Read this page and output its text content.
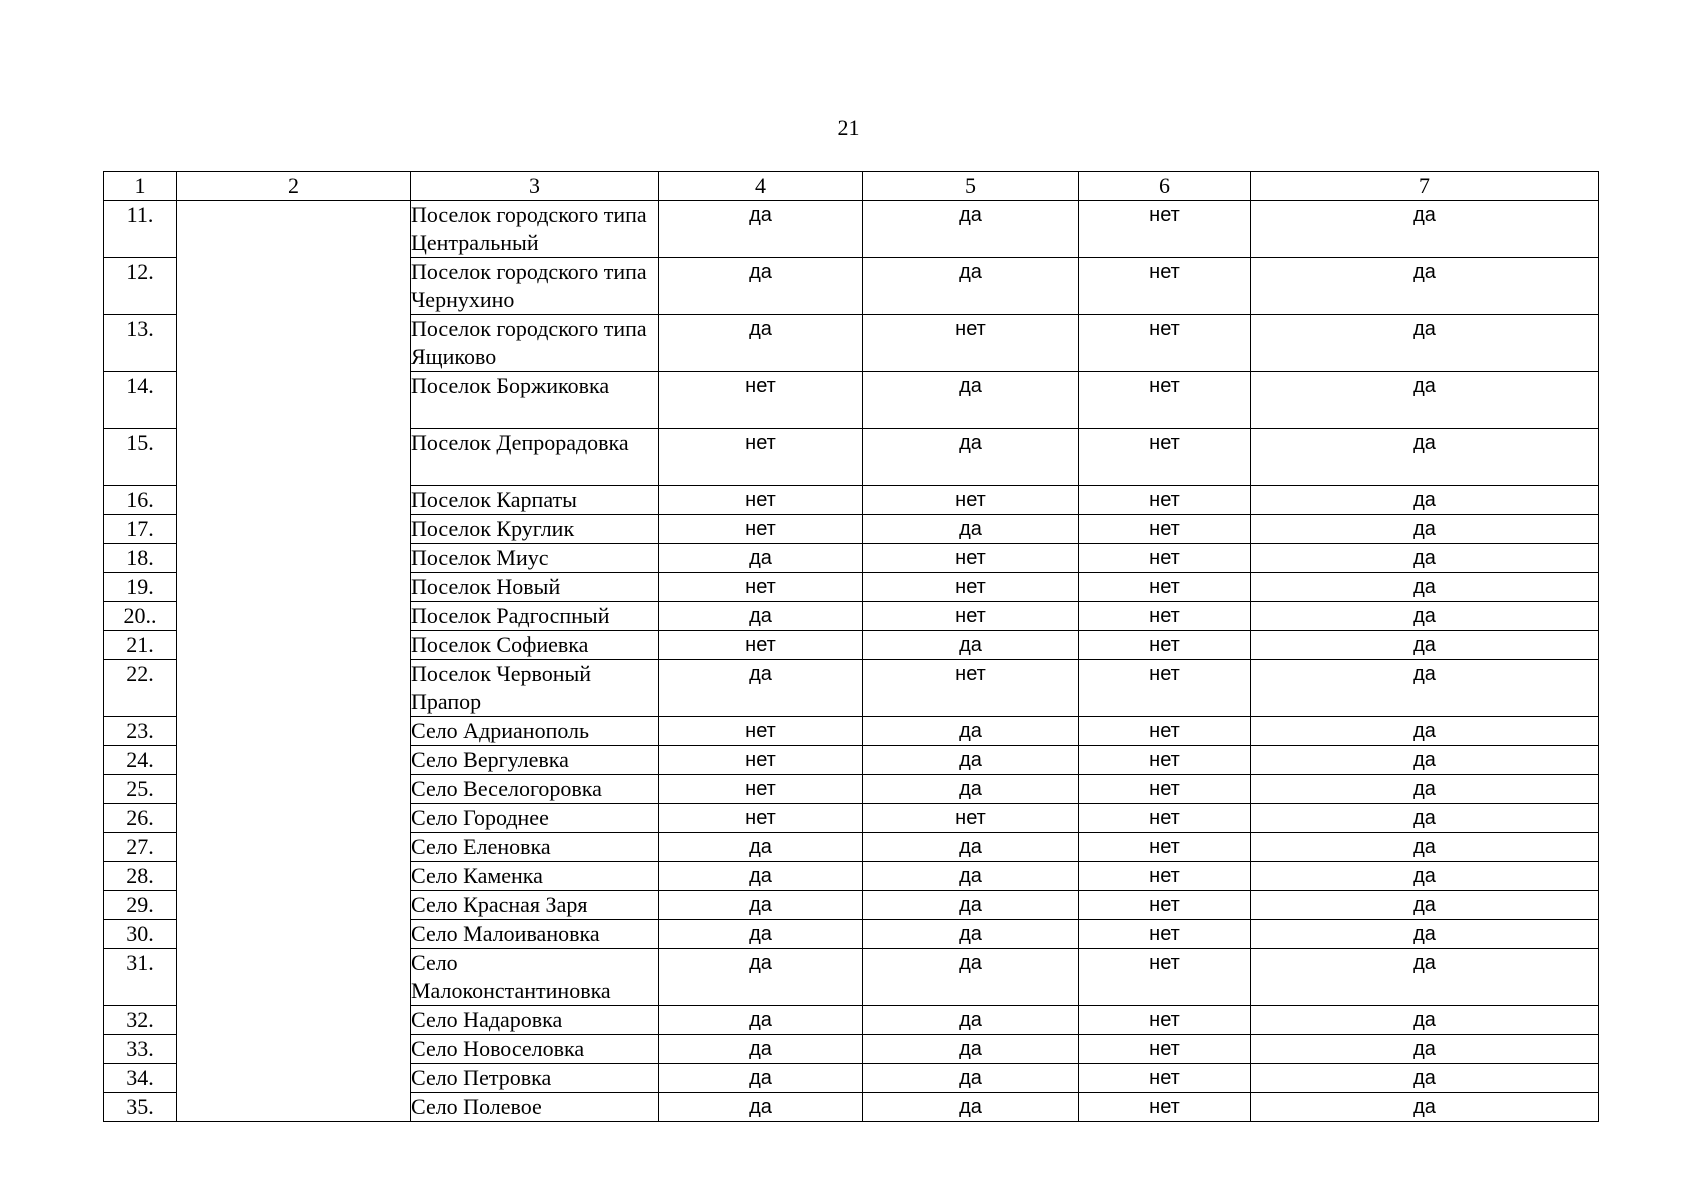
21
1	2	3	4	5	6	7
11.		Поселок городского типа Центральный	да	да	нет	да
12.		Поселок городского типа Чернухино	да	да	нет	да
13.		Поселок городского типа Ящиково	да	нет	нет	да
14.		Поселок Боржиковка	нет	да	нет	да
15.		Поселок Депрорадовка	нет	да	нет	да
16.		Поселок Карпаты	нет	нет	нет	да
17.		Поселок Круглик	нет	да	нет	да
18.		Поселок Миус	да	нет	нет	да
19.		Поселок Новый	нет	нет	нет	да
20..		Поселок Радгоспный	да	нет	нет	да
21.		Поселок Софиевка	нет	да	нет	да
22.		Поселок Червоный Прапор	да	нет	нет	да
23.		Село Адрианополь	нет	да	нет	да
24.		Село Вергулевка	нет	да	нет	да
25.		Село Веселогоровка	нет	да	нет	да
26.		Село Городнее	нет	нет	нет	да
27.		Село Еленовка	да	да	нет	да
28.		Село Каменка	да	да	нет	да
29.		Село Красная Заря	да	да	нет	да
30.		Село Малоивановка	да	да	нет	да
31.		Село Малоконстантиновка	да	да	нет	да
32.		Село Надаровка	да	да	нет	да
33.		Село Новоселовка	да	да	нет	да
34.		Село Петровка	да	да	нет	да
35.		Село Полевое	да	да	нет	да
